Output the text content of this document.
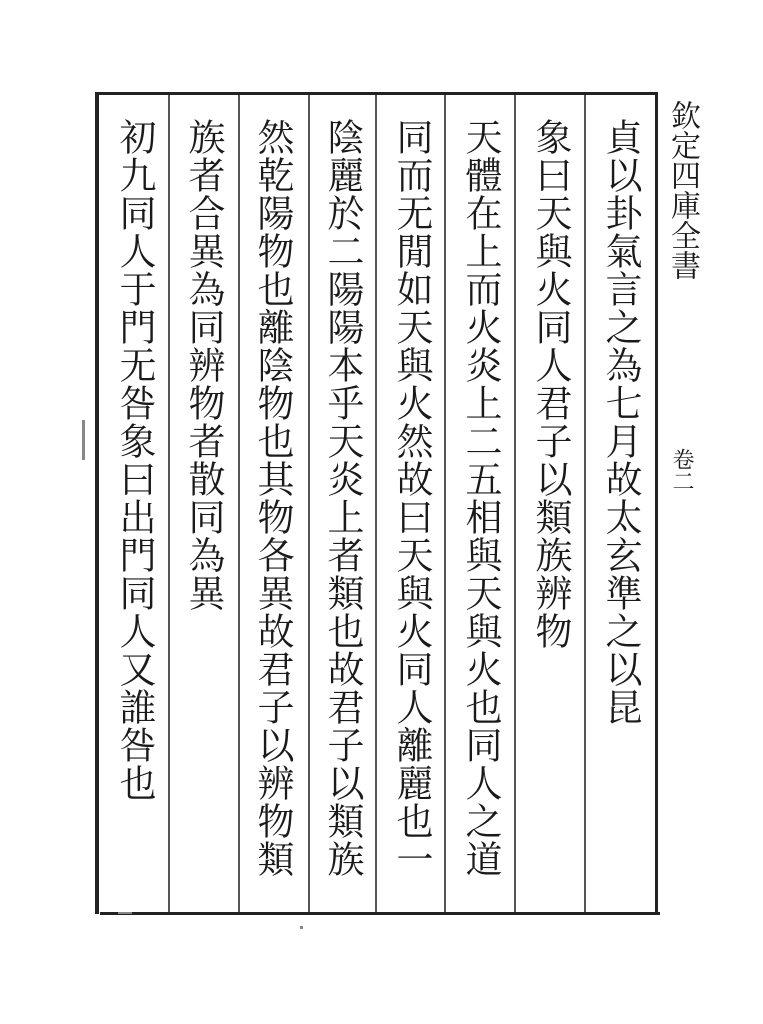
欽定四庫全書
卷二
貞以卦氣言之為七月故太玄準之以昆
象曰天與火同人君子以類族辨物
天體在上而火炎上二五相與天與火也同人之道
同而无閒如天與火然故曰天與火同人離麗也一
陰麗於二陽陽本乎天炎上者類也故君子以類族
然乾陽物也離陰物也其物各異故君子以辨物類
族者合異為同辨物者散同為異
初九同人于門无咎象曰出門同人又誰咎也
